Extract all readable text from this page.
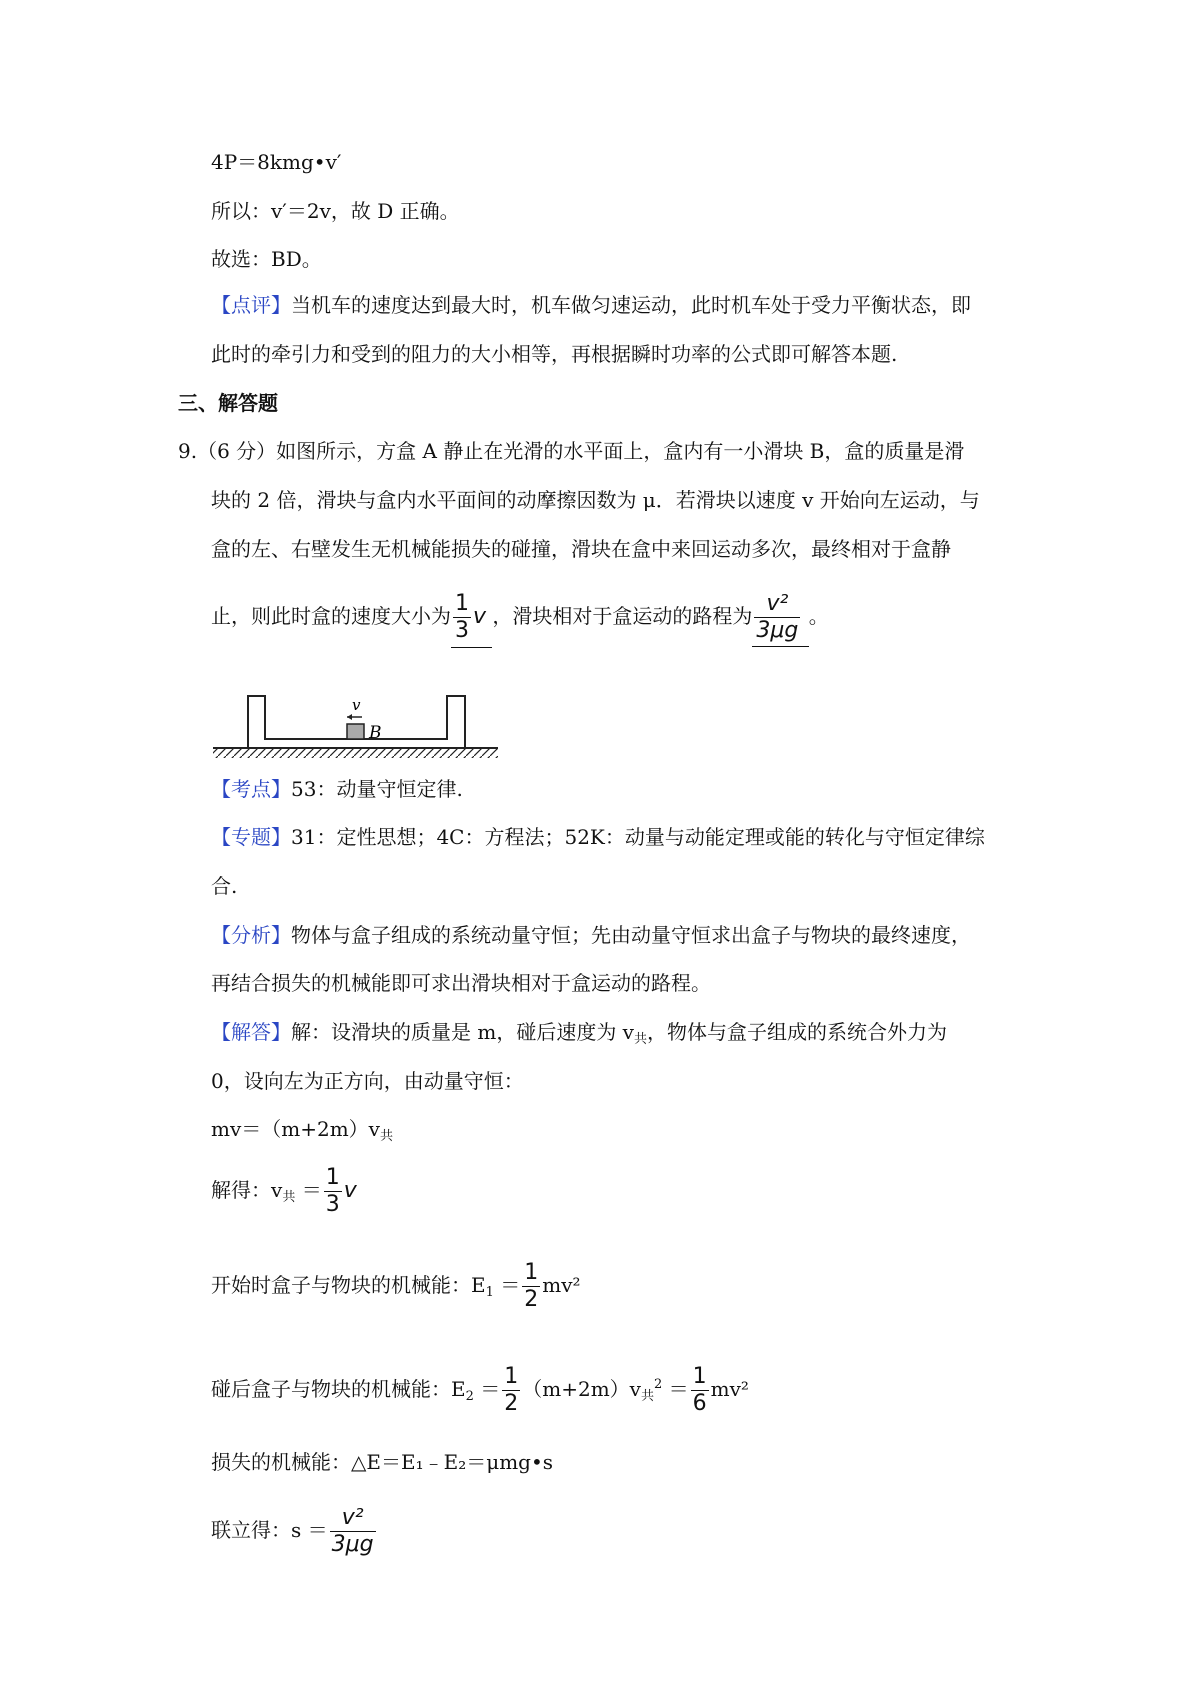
4P＝8kmg•v′
所以：v′＝2v，故 D 正确。
故选：BD。
【点评】当机车的速度达到最大时，机车做匀速运动，此时机车处于受力平衡状态，即
此时的牵引力和受到的阻力的大小相等，再根据瞬时功率的公式即可解答本题.
三、解答题
9.（6 分）如图所示，方盒 A 静止在光滑的水平面上，盒内有一小滑块 B，盒的质量是滑
块的 2 倍，滑块与盒内水平面间的动摩擦因数为 μ．若滑块以速度 v 开始向左运动，与
盒的左、右壁发生无机械能损失的碰撞，滑块在盒中来回运动多次，最终相对于盒静
止，则此时盒的速度大小为 $\frac{1}{3}$ v ，滑块相对于盒运动的路程为 $\frac{\text{v²}}{3\mu g}$ 。
B
v
【考点】53：动量守恒定律.
【专题】31：定性思想；4C：方程法；52K：动量与动能定理或能的转化与守恒定律综
合.
【分析】物体与盒子组成的系统动量守恒；先由动量守恒求出盒子与物块的最终速度，
再结合损失的机械能即可求出滑块相对于盒运动的路程。
【解答】解：设滑块的质量是 m，碰后速度为 $v_共$，物体与盒子组成的系统合外力为
0，设向左为正方向，由动量守恒：
$mv=(m+2m)v_共$
解得：$v_共 = \frac{1}{3}$ v
开始时盒子与物块的机械能：$E_1 = \frac{1}{2} mv^2$
碰后盒子与物块的机械能：$E_2 = \frac{1}{2} (m+2m)v_共^2 = \frac{1}{6} mv^2$
损失的机械能：△E＝E₁﹣E₂＝μmg•s
联立得：$s = \frac{\text{v²}}{3\mu g}$
